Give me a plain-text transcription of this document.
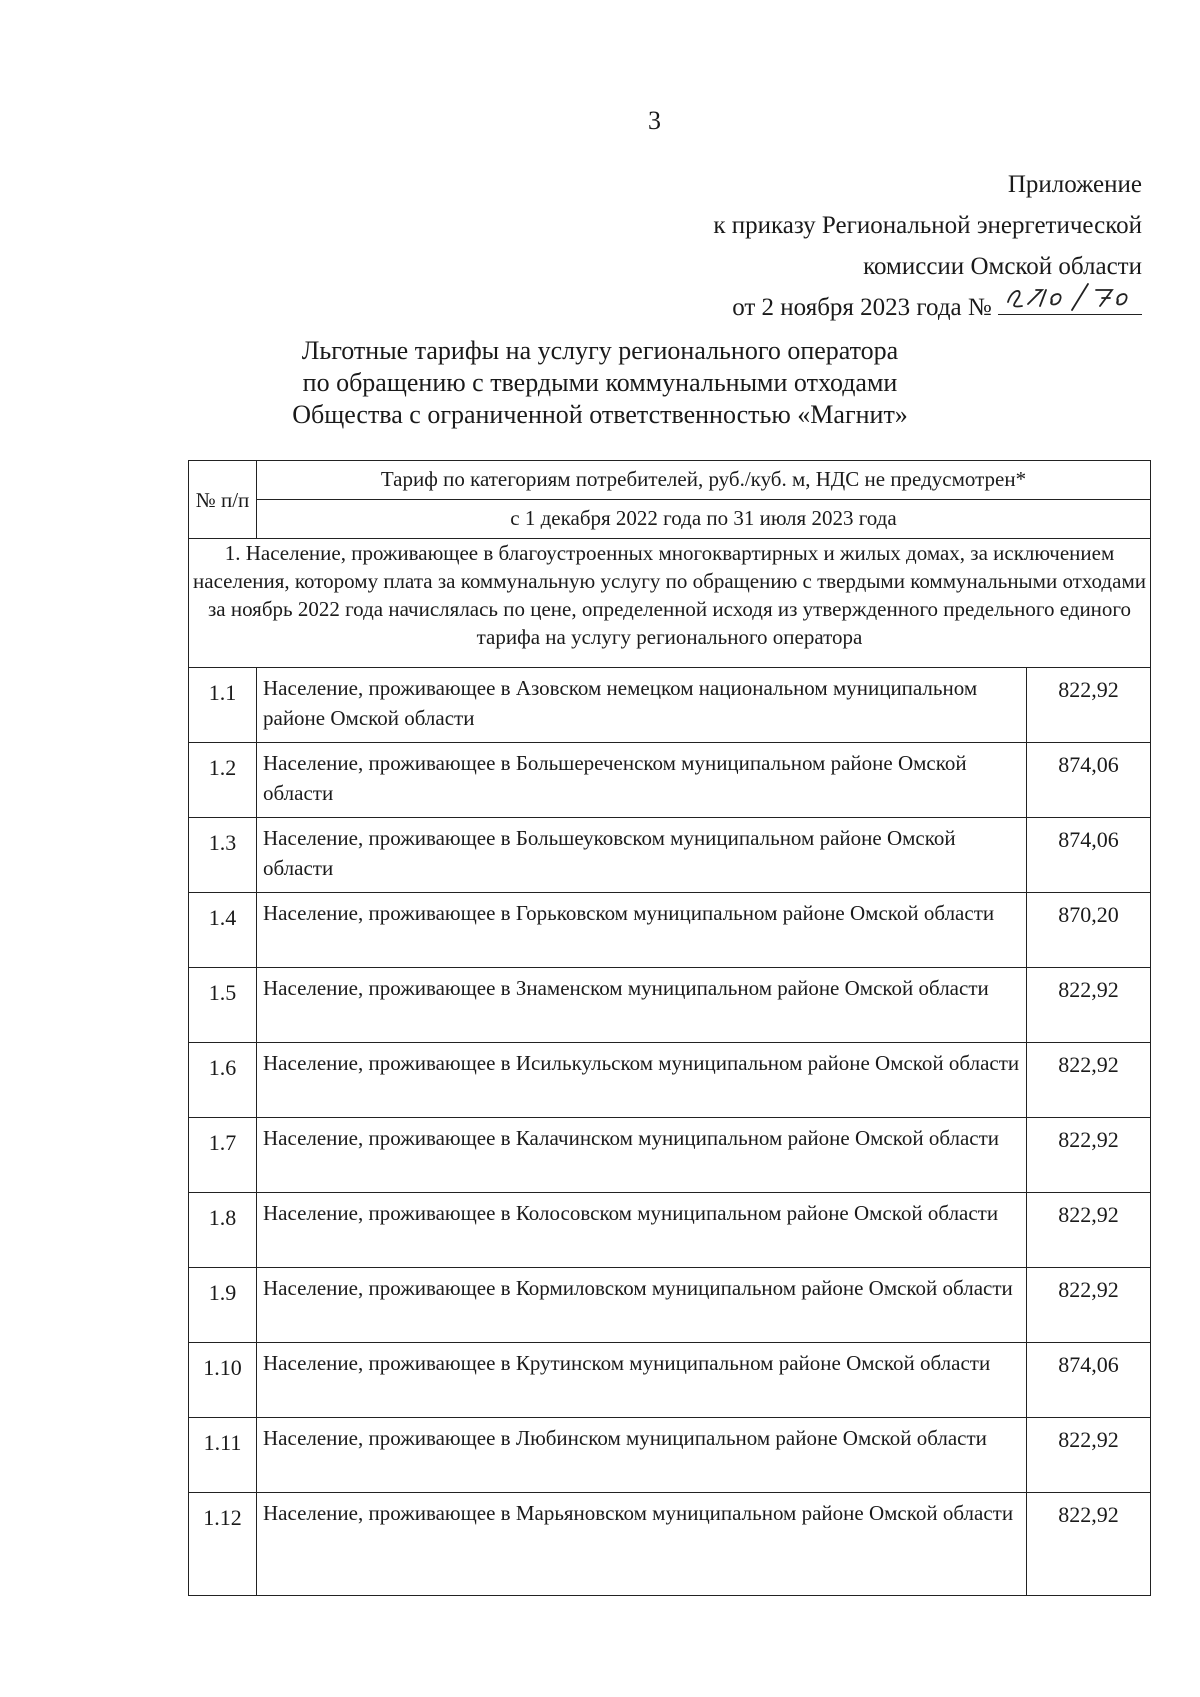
3
Приложение
к приказу Региональной энергетической
комиссии Омской области
от 2 ноября 2023 года №
Льготные тарифы на услугу регионального оператора
по обращению с твердыми коммунальными отходами
Общества с ограниченной ответственностью «Магнит»
№ п/п	Тариф по категориям потребителей, руб./куб. м, НДС не предусмотрен*	
	с 1 декабря 2022 года по 31 июля 2023 года	
1. Население, проживающее в благоустроенных многоквартирных и жилых домах, за исключением населения, которому плата за коммунальную услугу по обращению с твердыми коммунальными отходами за ноябрь 2022 года начислялась по цене, определенной исходя из утвержденного предельного единого тарифа на услугу регионального оператора		
1.1	Население, проживающее в Азовском немецком национальном муниципальном районе Омской области	822,92
1.2	Население, проживающее в Большереченском муниципальном районе Омской области	874,06
1.3	Население, проживающее в Большеуковском муниципальном районе Омской области	874,06
1.4	Население, проживающее в Горьковском муниципальном районе Омской области	870,20
1.5	Население, проживающее в Знаменском муниципальном районе Омской области	822,92
1.6	Население, проживающее в Исилькульском муниципальном районе Омской области	822,92
1.7	Население, проживающее в Калачинском муниципальном районе Омской области	822,92
1.8	Население, проживающее в Колосовском муниципальном районе Омской области	822,92
1.9	Население, проживающее в Кормиловском муниципальном районе Омской области	822,92
1.10	Население, проживающее в Крутинском муниципальном районе Омской области	874,06
1.11	Население, проживающее в Любинском муниципальном районе Омской области	822,92
1.12	Население, проживающее в Марьяновском муниципальном районе Омской области	822,92
